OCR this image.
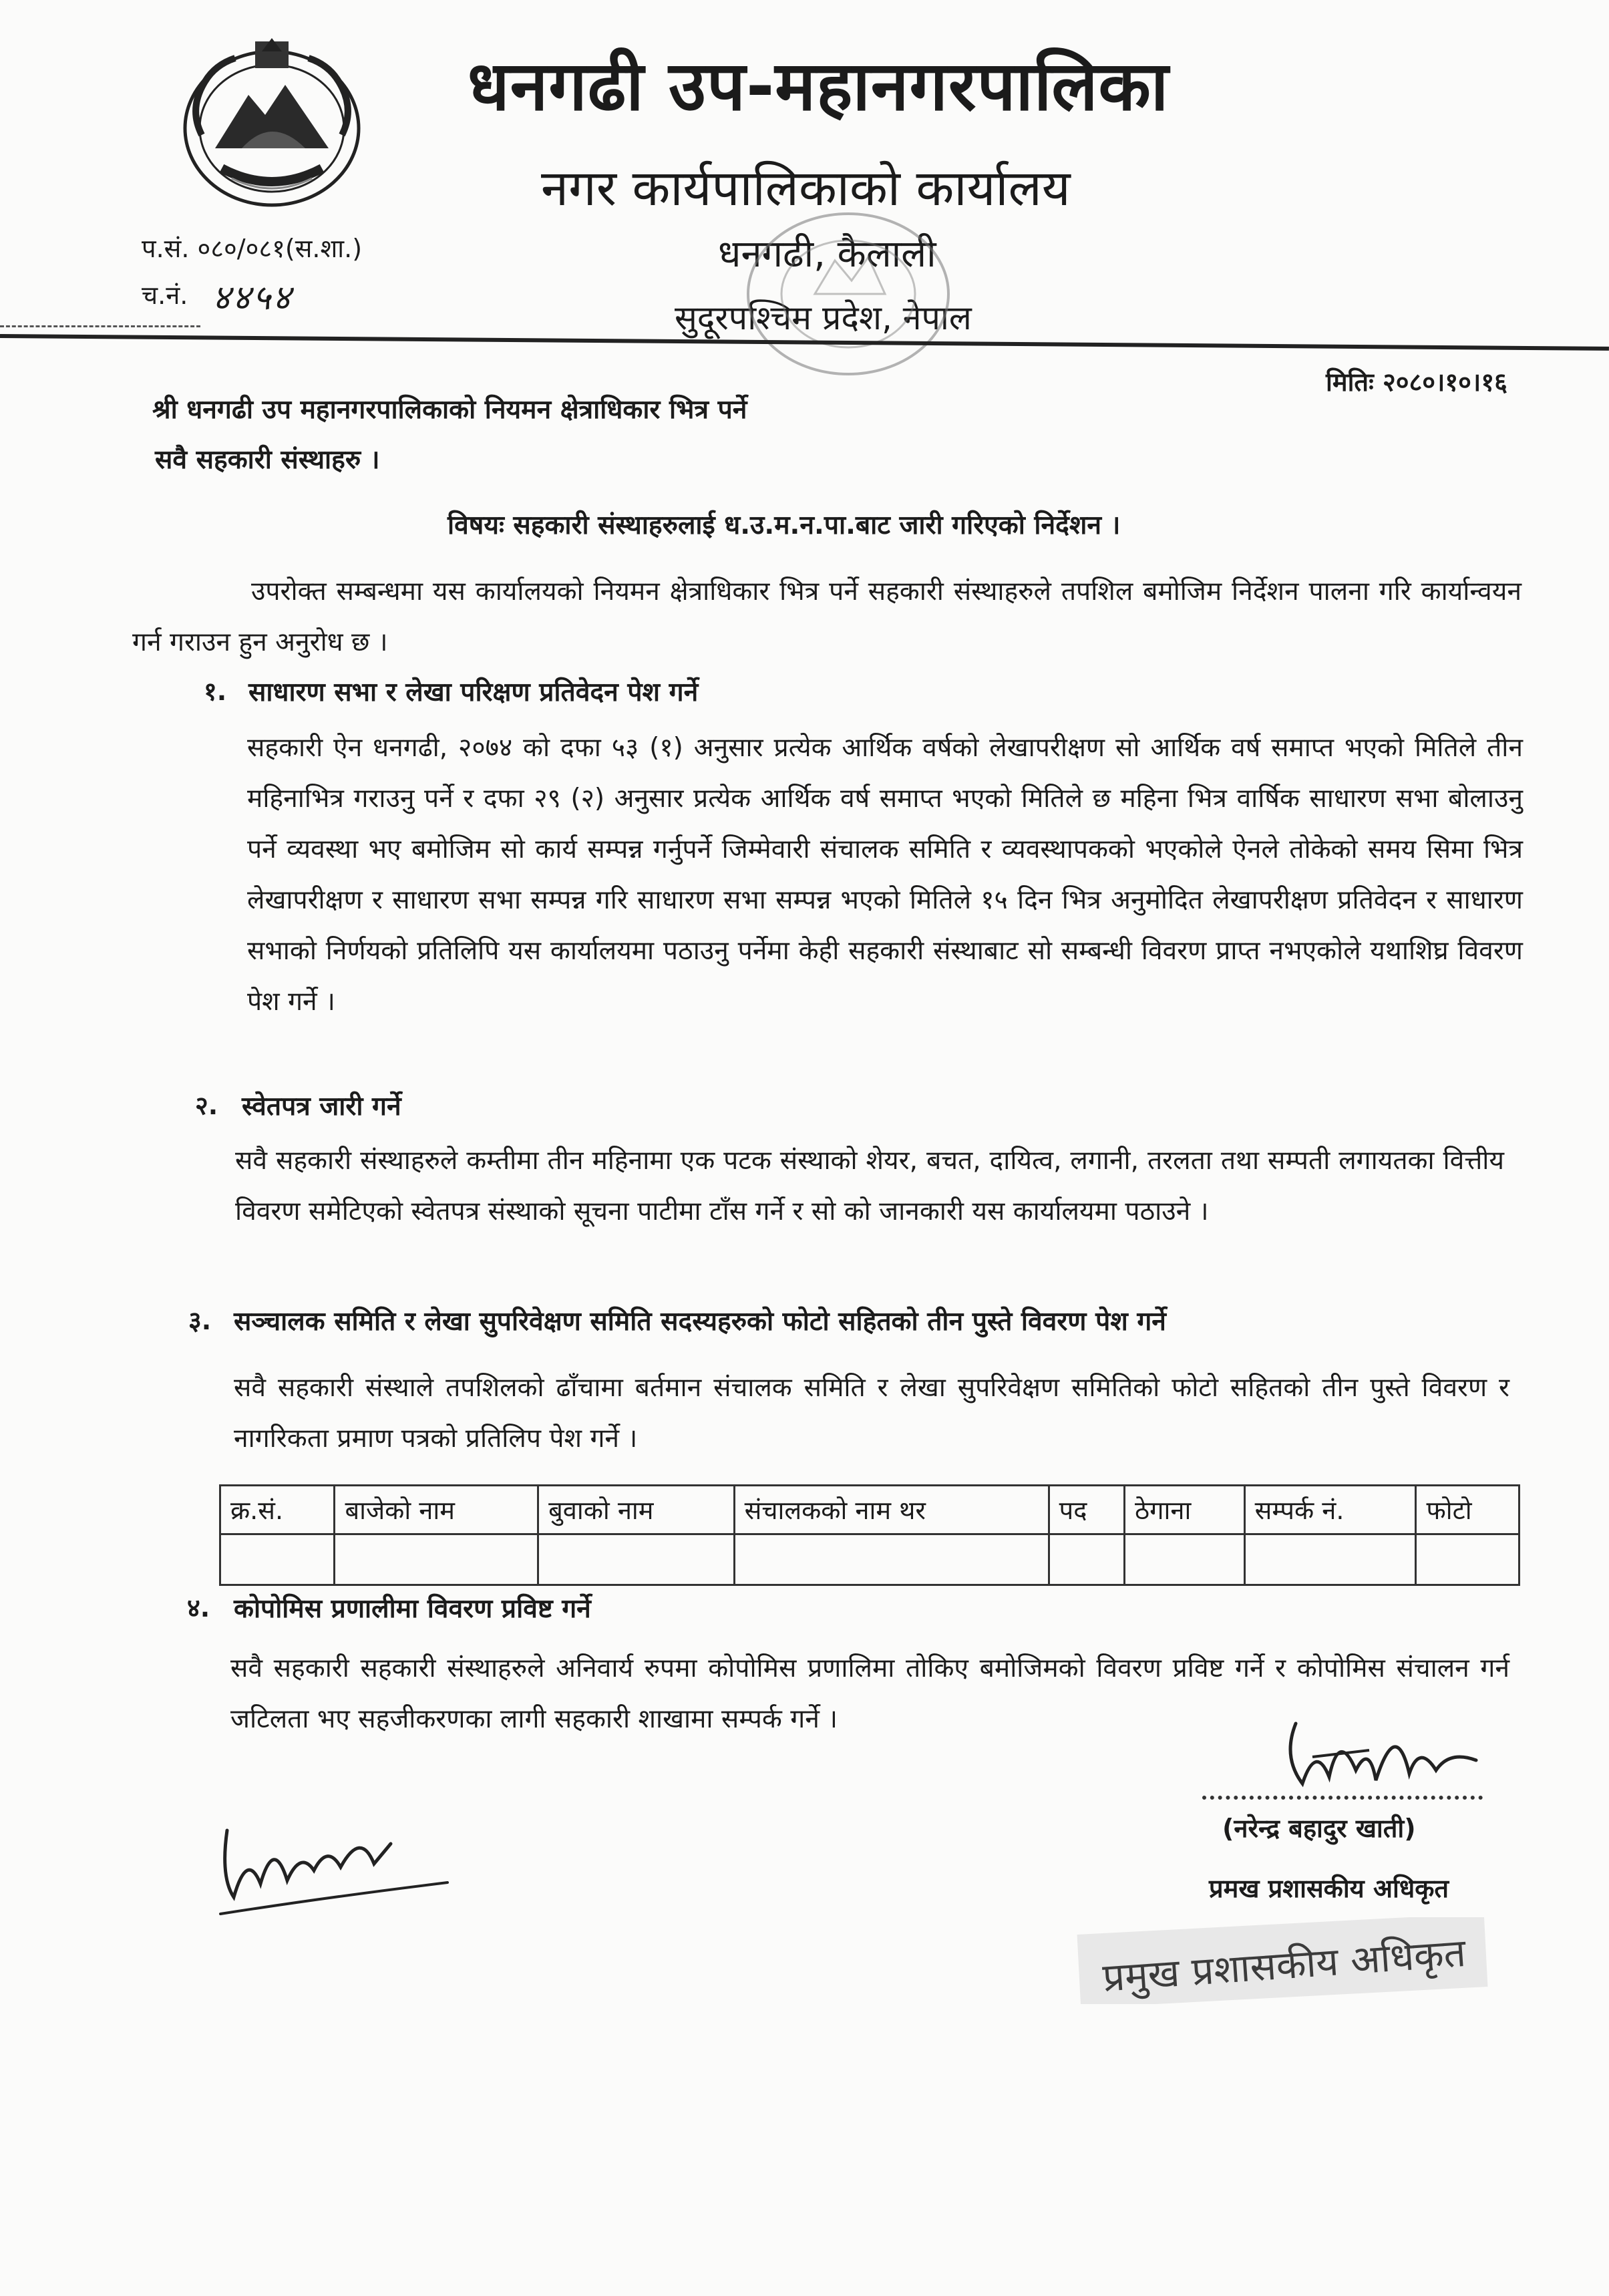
धनगढी उप-महानगरपालिका
नगर कार्यपालिकाको कार्यालय
धनगढी, कैलाली
सुदूरपश्चिम प्रदेश, नेपाल
प.सं. ०८०/०८१(स.शा.)
च.नं. ४४५४
मितिः २०८०।१०।१६
श्री धनगढी उप महानगरपालिकाको नियमन क्षेत्राधिकार भित्र पर्ने
सवै सहकारी संस्थाहरु ।
विषयः सहकारी संस्थाहरुलाई ध.उ.म.न.पा.बाट जारी गरिएको निर्देशन ।
उपरोक्त सम्बन्धमा यस कार्यालयको नियमन क्षेत्राधिकार भित्र पर्ने सहकारी संस्थाहरुले तपशिल बमोजिम निर्देशन पालना गरि कार्यान्वयन गर्न गराउन हुन अनुरोध छ ।
१. साधारण सभा र लेखा परिक्षण प्रतिवेदन पेश गर्ने
सहकारी ऐन धनगढी, २०७४ को दफा ५३ (१) अनुसार प्रत्येक आर्थिक वर्षको लेखापरीक्षण सो आर्थिक वर्ष समाप्त भएको मितिले तीन महिनाभित्र गराउनु पर्ने र दफा २९ (२) अनुसार प्रत्येक आर्थिक वर्ष समाप्त भएको मितिले छ महिना भित्र वार्षिक साधारण सभा बोलाउनु पर्ने व्यवस्था भए बमोजिम सो कार्य सम्पन्न गर्नुपर्ने जिम्मेवारी संचालक समिति र व्यवस्थापकको भएकोले ऐनले तोकेको समय सिमा भित्र लेखापरीक्षण र साधारण सभा सम्पन्न गरि साधारण सभा सम्पन्न भएको मितिले १५ दिन भित्र अनुमोदित लेखापरीक्षण प्रतिवेदन र साधारण सभाको निर्णयको प्रतिलिपि यस कार्यालयमा पठाउनु पर्नेमा केही सहकारी संस्थाबाट सो सम्बन्धी विवरण प्राप्त नभएकोले यथाशिघ्र विवरण पेश गर्ने ।
२. स्वेतपत्र जारी गर्ने
सवै सहकारी संस्थाहरुले कम्तीमा तीन महिनामा एक पटक संस्थाको शेयर, बचत, दायित्व, लगानी, तरलता तथा सम्पती लगायतका वित्तीय विवरण समेटिएको स्वेतपत्र संस्थाको सूचना पाटीमा टाँस गर्ने र सो को जानकारी यस कार्यालयमा पठाउने ।
३. सञ्चालक समिति र लेखा सुपरिवेक्षण समिति सदस्यहरुको फोटो सहितको तीन पुस्ते विवरण पेश गर्ने
सवै सहकारी संस्थाले तपशिलको ढाँचामा बर्तमान संचालक समिति र लेखा सुपरिवेक्षण समितिको फोटो सहितको तीन पुस्ते विवरण र नागरिकता प्रमाण पत्रको प्रतिलिप पेश गर्ने ।
क्र.सं.	बाजेको नाम	बुवाको नाम	संचालकको नाम थर	पद	ठेगाना	सम्पर्क नं.	फोटो

४. कोपोमिस प्रणालीमा विवरण प्रविष्ट गर्ने
सवै सहकारी सहकारी संस्थाहरुले अनिवार्य रुपमा कोपोमिस प्रणालिमा तोकिए बमोजिमको विवरण प्रविष्ट गर्ने र कोपोमिस संचालन गर्न जटिलता भए सहजीकरणका लागी सहकारी शाखामा सम्पर्क गर्ने ।
(नरेन्द्र बहादुर खाती)
प्रमख प्रशासकीय अधिकृत
प्रमुख प्रशासकीय अधिकृत
